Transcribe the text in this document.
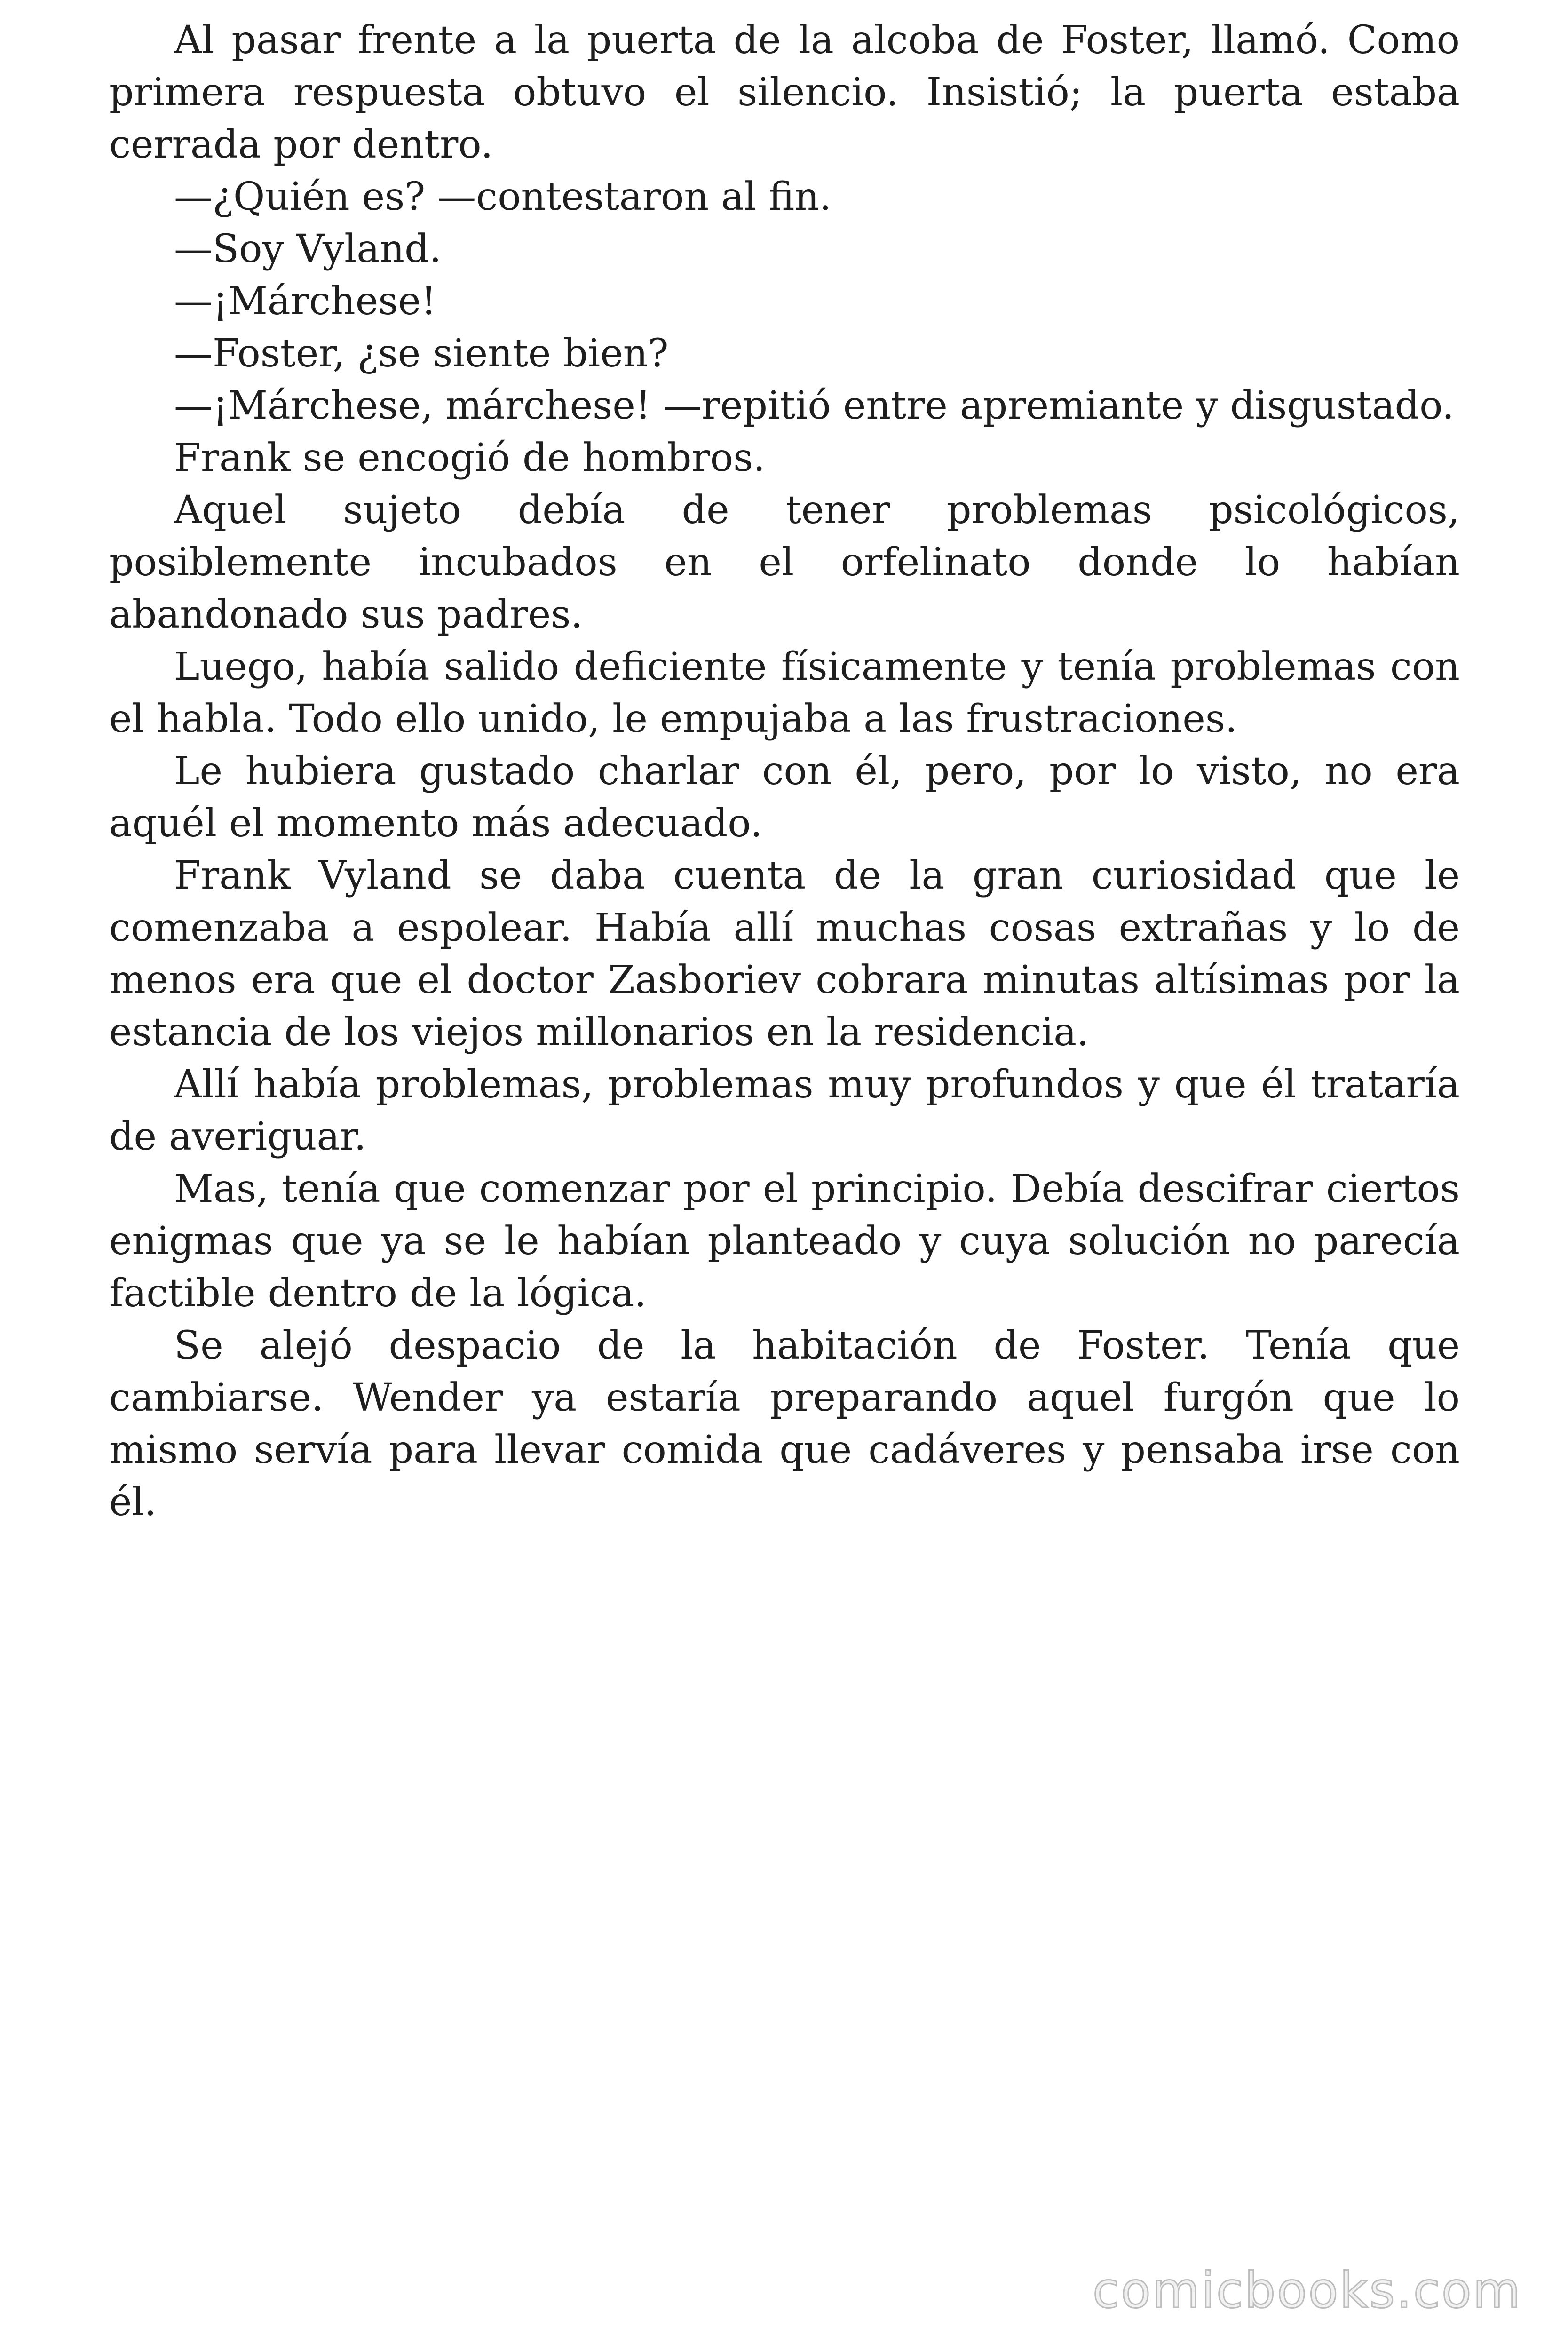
Al pasar frente a la puerta de la alcoba de Foster, llamó. Como primera respuesta obtuvo el silencio. Insistió; la puerta estaba cerrada por dentro.

—¿Quién es? —contestaron al fin.

—Soy Vyland.

—¡Márchese!

—Foster, ¿se siente bien?

—¡Márchese, márchese! —repitió entre apremiante y disgustado.

Frank se encogió de hombros.

Aquel sujeto debía de tener problemas psicológicos, posiblemente incubados en el orfelinato donde lo habían abandonado sus padres.

Luego, había salido deficiente físicamente y tenía problemas con el habla. Todo ello unido, le empujaba a las frustraciones.

Le hubiera gustado charlar con él, pero, por lo visto, no era aquél el momento más adecuado.

Frank Vyland se daba cuenta de la gran curiosidad que le comenzaba a espolear. Había allí muchas cosas extrañas y lo de menos era que el doctor Zasboriev cobrara minutas altísimas por la estancia de los viejos millonarios en la residencia.

Allí había problemas, problemas muy profundos y que él trataría de averiguar.

Mas, tenía que comenzar por el principio. Debía descifrar ciertos enigmas que ya se le habían planteado y cuya solución no parecía factible dentro de la lógica.

Se alejó despacio de la habitación de Foster. Tenía que cambiarse. Wender ya estaría preparando aquel furgón que lo mismo servía para llevar comida que cadáveres y pensaba irse con él.

comicbooks.com
